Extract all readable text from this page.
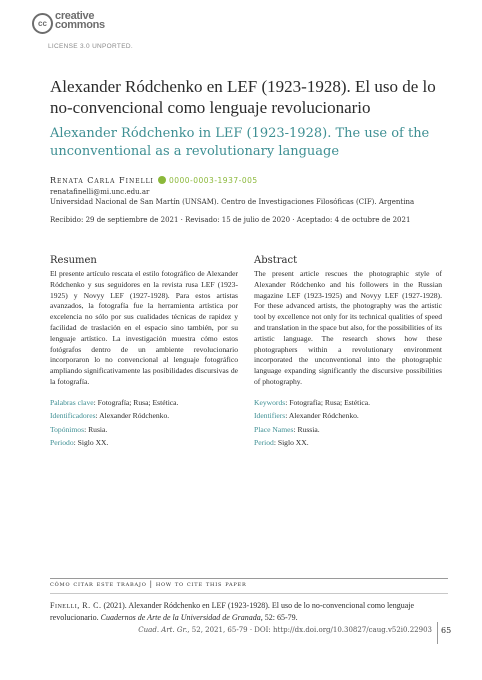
cc
creative
commons
LICENSE 3.0 UNPORTED.
Alexander Ródchenko en LEF (1923-1928). El uso de lo no-convencional como lenguaje revolucionario
Alexander Ródchenko in LEF (1923-1928). The use of the unconventional as a revolutionary language
Renata Carla Finelli 0000-0003-1937-005
renatafinelli@mi.unc.edu.ar
Universidad Nacional de San Martín (UNSAM). Centro de Investigaciones Filosóficas (CIF). Argentina
Recibido: 29 de septiembre de 2021 · Revisado: 15 de julio de 2020 · Aceptado: 4 de octubre de 2021
Resumen
El presente artículo rescata el estilo fotográfico de Alexander Ródchenko y sus seguidores en la revista rusa LEF (1923-1925) y Novyy LEF (1927-1928). Para estos artistas avanzados, la fotografía fue la herramienta artística por excelencia no sólo por sus cualidades técnicas de rapidez y facilidad de traslación en el espacio sino también, por su lenguaje artístico. La investigación muestra cómo estos fotógrafos dentro de un ambiente revolucionario incorporaron lo no convencional al lenguaje fotográfico ampliando significativamente las posibilidades discursivas de la fotografía.
Palabras clave: Fotografía; Rusa; Estética.
Identificadores: Alexander Ródchenko.
Topónimos: Rusia.
Periodo: Siglo XX.
Abstract
The present article rescues the photographic style of Alexander Ródchenko and his followers in the Russian magazine LEF (1923-1925) and Novyy LEF (1927-1928). For these advanced artists, the photography was the artistic tool by excellence not only for its technical qualities of speed and translation in the space but also, for the possibilities of its artistic language. The research shows how these photographers within a revolutionary environment incorporated the unconventional into the photographic language expanding significantly the discursive possibilities of photography.
Keywords: Fotografía; Rusa; Estética.
Identifiers: Alexander Ródchenko.
Place Names: Russia.
Period: Siglo XX.
cómo citar este trabajo | how to cite this paper
Finelli, R. C. (2021). Alexander Ródchenko en LEF (1923-1928). El uso de lo no-convencional como lenguaje revolucionario. Cuadernos de Arte de la Universidad de Granada, 52: 65-79.
Cuad. Art. Gr., 52, 2021, 65-79 · DOI: http://dx.doi.org/10.30827/caug.v52i0.22903 65
